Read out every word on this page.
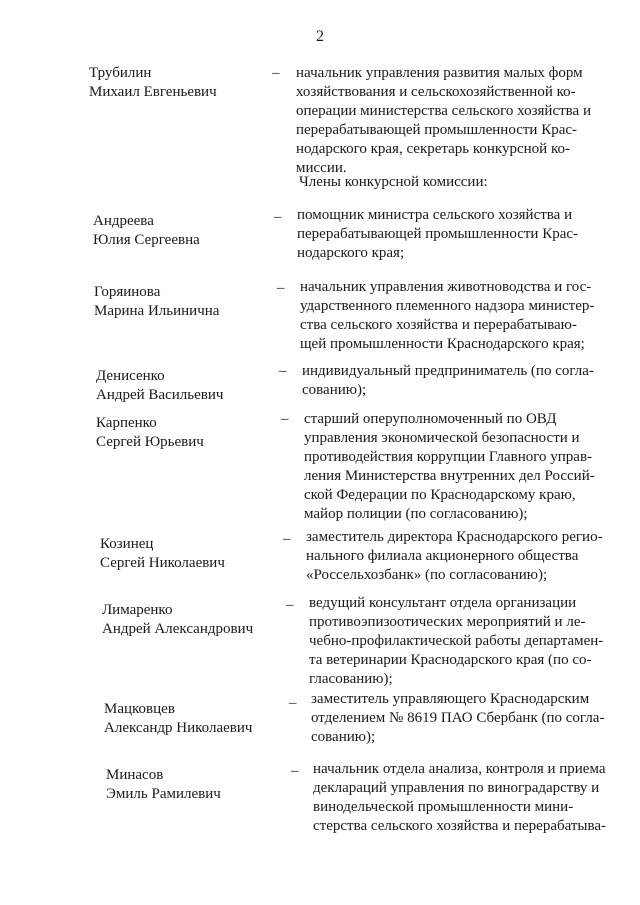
2
Трубилин
Михаил Евгеньевич
– начальник управления развития малых форм
хозяйствования и сельскохозяйственной ко-
операции министерства сельского хозяйства и
перерабатывающей промышленности Крас-
нодарского края, секретарь конкурсной ко-
миссии.
Члены конкурсной комиссии:
Андреева
Юлия Сергеевна
– помощник министра сельского хозяйства и
перерабатывающей промышленности Крас-
нодарского края;
Горяинова
Марина Ильинична
– начальник управления животноводства и гос-
ударственного племенного надзора министер-
ства сельского хозяйства и перерабатываю-
щей промышленности Краснодарского края;
Денисенко
Андрей Васильевич
– индивидуальный предприниматель (по согла-
сованию);
Карпенко
Сергей Юрьевич
– старший оперуполномоченный по ОВД
управления экономической безопасности и
противодействия коррупции Главного управ-
ления Министерства внутренних дел Россий-
ской Федерации по Краснодарскому краю,
майор полиции (по согласованию);
Козинец
Сергей Николаевич
– заместитель директора Краснодарского регио-
нального филиала акционерного общества
«Россельхозбанк» (по согласованию);
Лимаренко
Андрей Александрович
– ведущий консультант отдела организации
противоэпизоотических мероприятий и ле-
чебно-профилактической работы департамен-
та ветеринарии Краснодарского края (по со-
гласованию);
Мацковцев
Александр Николаевич
– заместитель управляющего Краснодарским
отделением № 8619 ПАО Сбербанк (по согла-
сованию);
Минасов
Эмиль Рамилевич
– начальник отдела анализа, контроля и приема
деклараций управления по виноградарству и
винодельческой промышленности мини-
стерства сельского хозяйства и перерабатыва-
